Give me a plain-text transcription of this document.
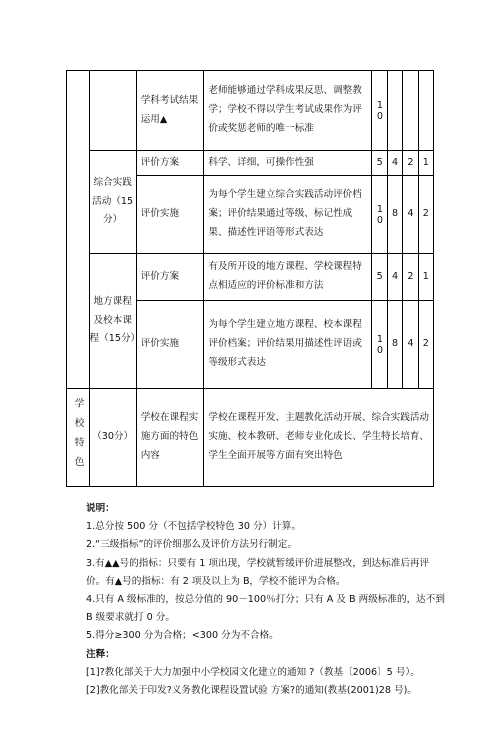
		学科考试结果运用▲	老师能够通过学科成果反思、调整教学；学校不得以学生考试成果作为评价或奖惩老师的唯一标准	10			

	综合实践活动（15分）	评价方案	科学、详细，可操作性强	5	4	2	1
		评价实施	为每个学生建立综合实践活动评价档案；评价结果通过等级、标记性成果、描述性评语等形式表达	10	8	4	2
	地方课程及校本课程（15分）	评价方案	有及所开设的地方课程、学校课程特点相适应的评价标准和方法	5	4	2	1
		评价实施	为每个学生建立地方课程、校本课程评价档案；评价结果用描述性评语或等级形式表达	10	8	4	2

学校特色	（30分）	学校在课程实施方面的特色内容	学校在课程开发、主题教化活动开展、综合实践活动实施、校本教研、老师专业化成长、学生特长培育、学生全面开展等方面有突出特色				

说明：

1.总分按 500 分（不包括学校特色 30 分）计算。

2.“三级指标”的评价细那么及评价方法另行制定。

3.有▲▲号的指标：只要有 1 项出现，学校就暂缓评价进展整改，到达标准后再评价。有▲号的指标：有 2 项及以上为 B，学校不能评为合格。

4.只有 A 级标准的，按总分值的 90－100％打分；只有 A 及 B 两级标准的，达不到 B 级要求就打 0 分。

5.得分≥300 分为合格；<300 分为不合格。

注释：

[1]?教化部关于大力加强中小学校园文化建立的通知 ?（教基〔2006〕5 号）。

[2]教化部关于印发?义务教化课程设置试验 方案?的通知(教基(2001)28 号)。
